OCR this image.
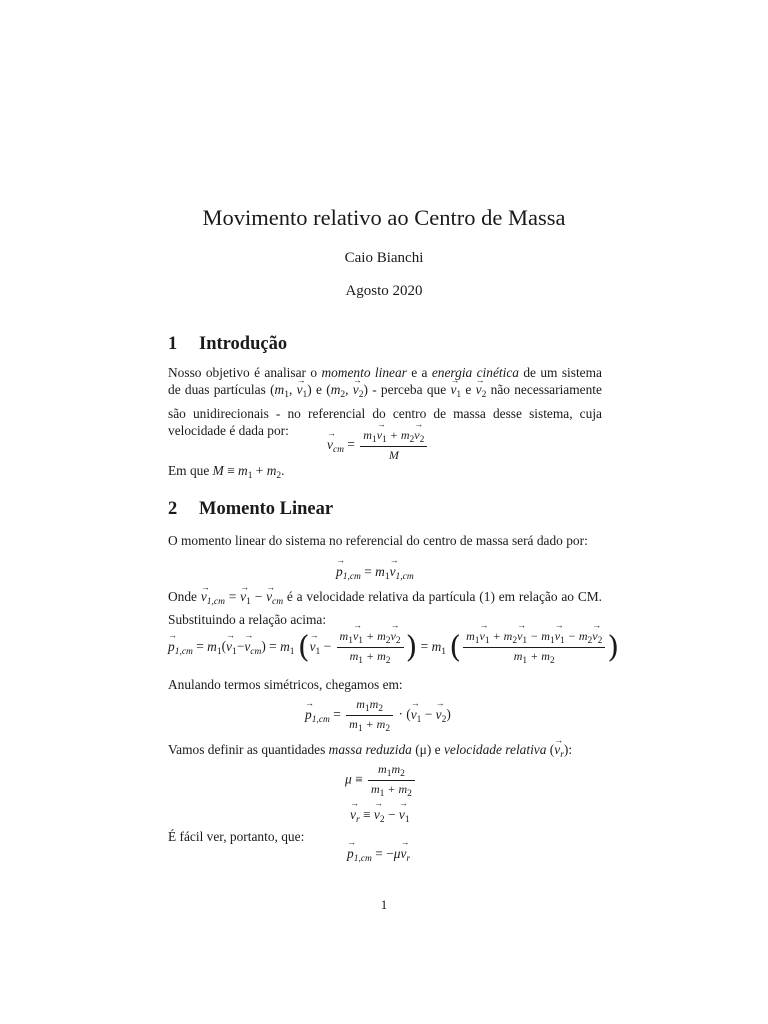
Movimento relativo ao Centro de Massa
Caio Bianchi
Agosto 2020
1 Introdução
Nosso objetivo é analisar o momento linear e a energia cinética de um sistema de duas partículas ($m_1$, → $v_1$) e ($m_2$, → $v_2$) - perceba que → $v_1$ $e \to v_2$ não necessariamente são unidirecionais - no referencial do centro de massa desse sistema, cuja velocidade é dada por:
→ $v_{cm} = \frac{m_1\to v_1 + m_2\to v_2}{M}$
Em que $M \equiv m_1 + m_2$.
2 Momento Linear
O momento linear do sistema no referencial do centro de massa será dado por:
→ $p_{1,cm} = m_1\to v_{1,cm}$
Onde → $v_{1,cm}$ = → $v_1$ − → $v_{cm}$ é a velocidade relativa da partícula (1) em relação ao CM. Substituindo a relação acima:
→ $p_{1,cm} = m_1(\to v_1-\to v_{cm}) = m_1$ (→ $v_1 - \frac{m_1\to v_1 + m_2\to v_2}{m_1 + m_2}$ ) = $m_1$ ( $\frac{m_1\to v_1 + m_2\to v_1 - m_1\to v_1 - m_2\to v_2}{m_1 + m_2}$ )
Anulando termos simétricos, chegamos em:
→ $p_{1,cm} = \frac{m_1m_2}{m_1 + m_2}$ · (→ $v_1$ − → $v_2$)
Vamos definir as quantidades massa reduzida (μ) e velocidade relativa (→ $v_r$):
$\mu \equiv \frac{m_1m_2}{m_1 + m_2}$
→ $v_r$ ≡ → $v_2$ − → $v_1$
É fácil ver, portanto, que:
→ $p_{1,cm} = -\mu\to v_r$
1
